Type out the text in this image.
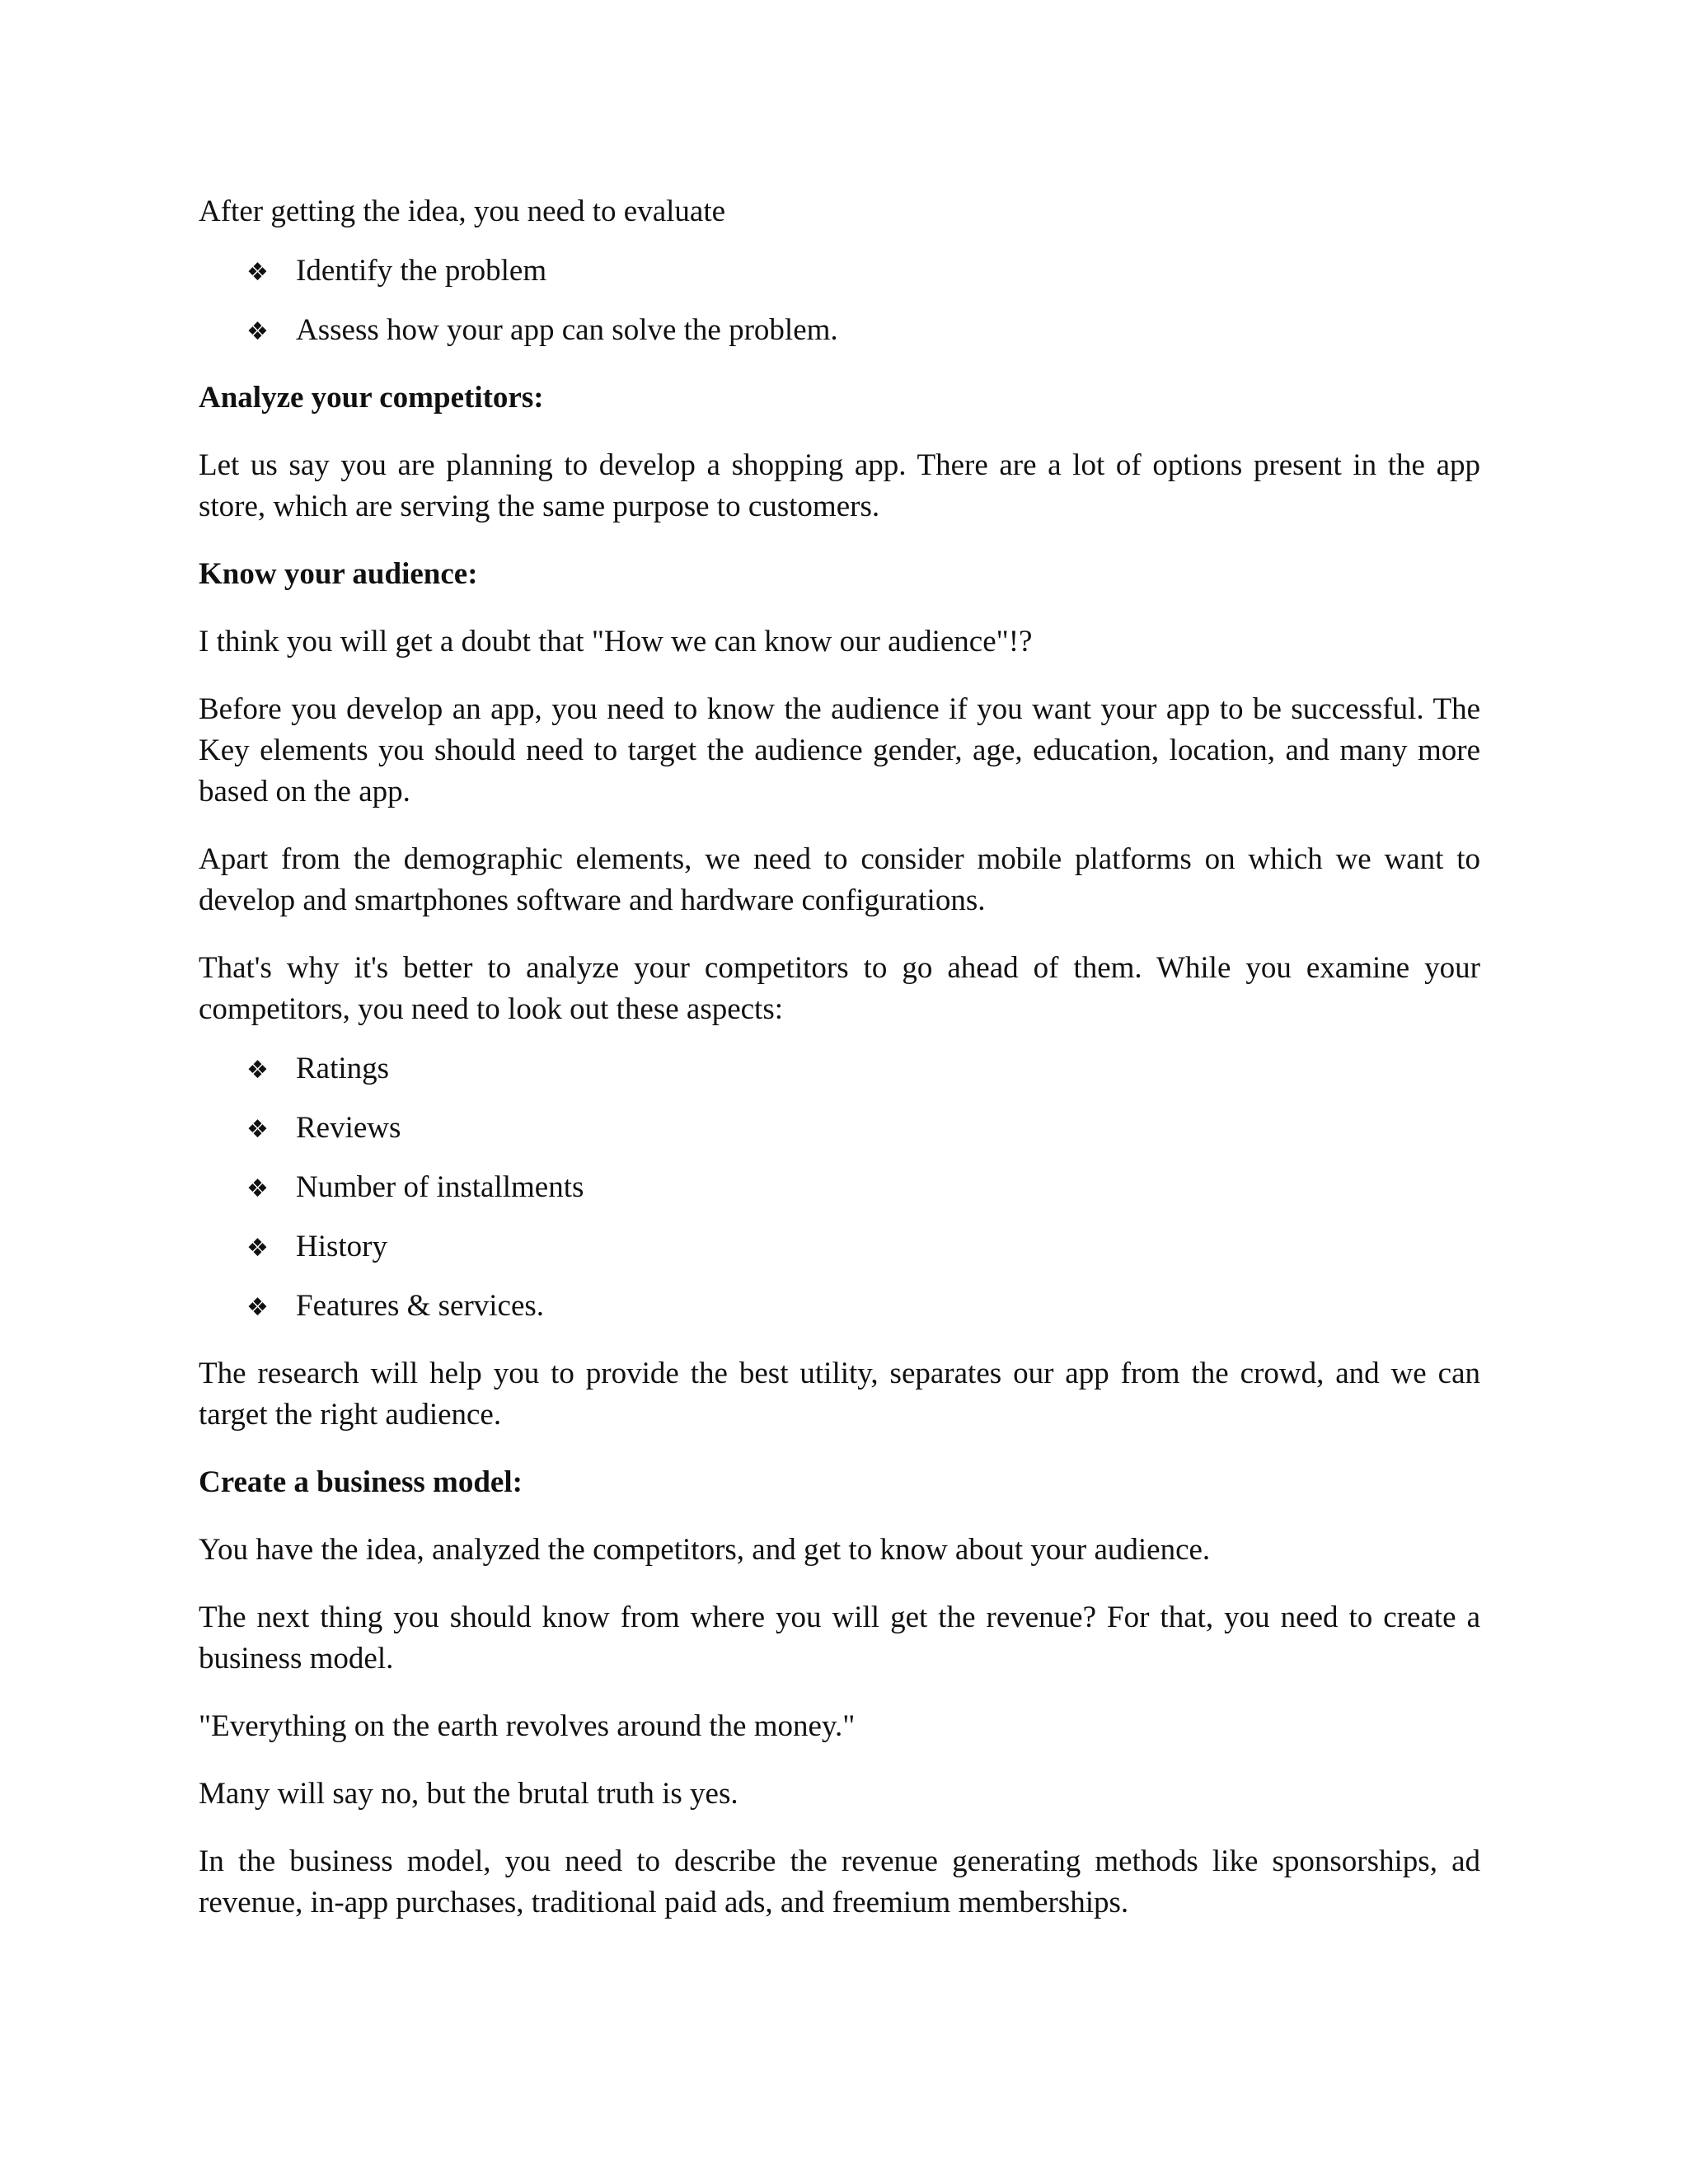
After getting the idea, you need to evaluate

❖ Identify the problem
❖ Assess how your app can solve the problem.
Analyze your competitors:

Let us say you are planning to develop a shopping app. There are a lot of options present in the app store, which are serving the same purpose to customers.

Know your audience:

I think you will get a doubt that "How we can know our audience"!?

Before you develop an app, you need to know the audience if you want your app to be successful. The Key elements you should need to target the audience gender, age, education, location, and many more based on the app.

Apart from the demographic elements, we need to consider mobile platforms on which we want to develop and smartphones software and hardware configurations.

That's why it's better to analyze your competitors to go ahead of them. While you examine your competitors, you need to look out these aspects:

❖ Ratings
❖ Reviews
❖ Number of installments
❖ History
❖ Features & services.

The research will help you to provide the best utility, separates our app from the crowd, and we can target the right audience.

Create a business model:

You have the idea, analyzed the competitors, and get to know about your audience.

The next thing you should know from where you will get the revenue? For that, you need to create a business model.

"Everything on the earth revolves around the money."

Many will say no, but the brutal truth is yes.

In the business model, you need to describe the revenue generating methods like sponsorships, ad revenue, in-app purchases, traditional paid ads, and freemium memberships.
